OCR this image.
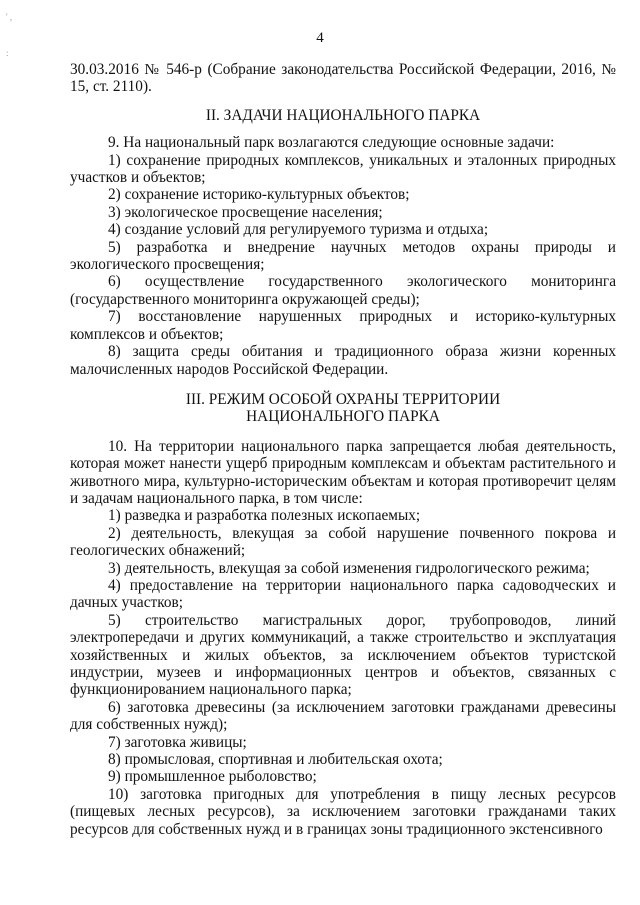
' ,
:
4

30.03.2016 № 546-р (Собрание законодательства Российской Федерации, 2016, № 15, ст. 2110).

II. ЗАДАЧИ НАЦИОНАЛЬНОГО ПАРКА

9. На национальный парк возлагаются следующие основные задачи:

1) сохранение природных комплексов, уникальных и эталонных природных участков и объектов;

2) сохранение историко-культурных объектов;

3) экологическое просвещение населения;

4) создание условий для регулируемого туризма и отдыха;

5) разработка и внедрение научных методов охраны природы и экологического просвещения;

6) осуществление государственного экологического мониторинга (государственного мониторинга окружающей среды);

7) восстановление нарушенных природных и историко-культурных комплексов и объектов;

8) защита среды обитания и традиционного образа жизни коренных малочисленных народов Российской Федерации.

III. РЕЖИМ ОСОБОЙ ОХРАНЫ ТЕРРИТОРИИ
НАЦИОНАЛЬНОГО ПАРКА

10. На территории национального парка запрещается любая деятельность, которая может нанести ущерб природным комплексам и объектам растительного и животного мира, культурно-историческим объектам и которая противоречит целям и задачам национального парка, в том числе:

1) разведка и разработка полезных ископаемых;

2) деятельность, влекущая за собой нарушение почвенного покрова и геологических обнажений;

3) деятельность, влекущая за собой изменения гидрологического режима;

4) предоставление на территории национального парка садоводческих и дачных участков;

5) строительство магистральных дорог, трубопроводов, линий электропередачи и других коммуникаций, а также строительство и эксплуатация хозяйственных и жилых объектов, за исключением объектов туристской индустрии, музеев и информационных центров и объектов, связанных с функционированием национального парка;

6) заготовка древесины (за исключением заготовки гражданами древесины для собственных нужд);

7) заготовка живицы;

8) промысловая, спортивная и любительская охота;

9) промышленное рыболовство;

10) заготовка пригодных для употребления в пищу лесных ресурсов (пищевых лесных ресурсов), за исключением заготовки гражданами таких ресурсов для собственных нужд и в границах зоны традиционного экстенсивного
